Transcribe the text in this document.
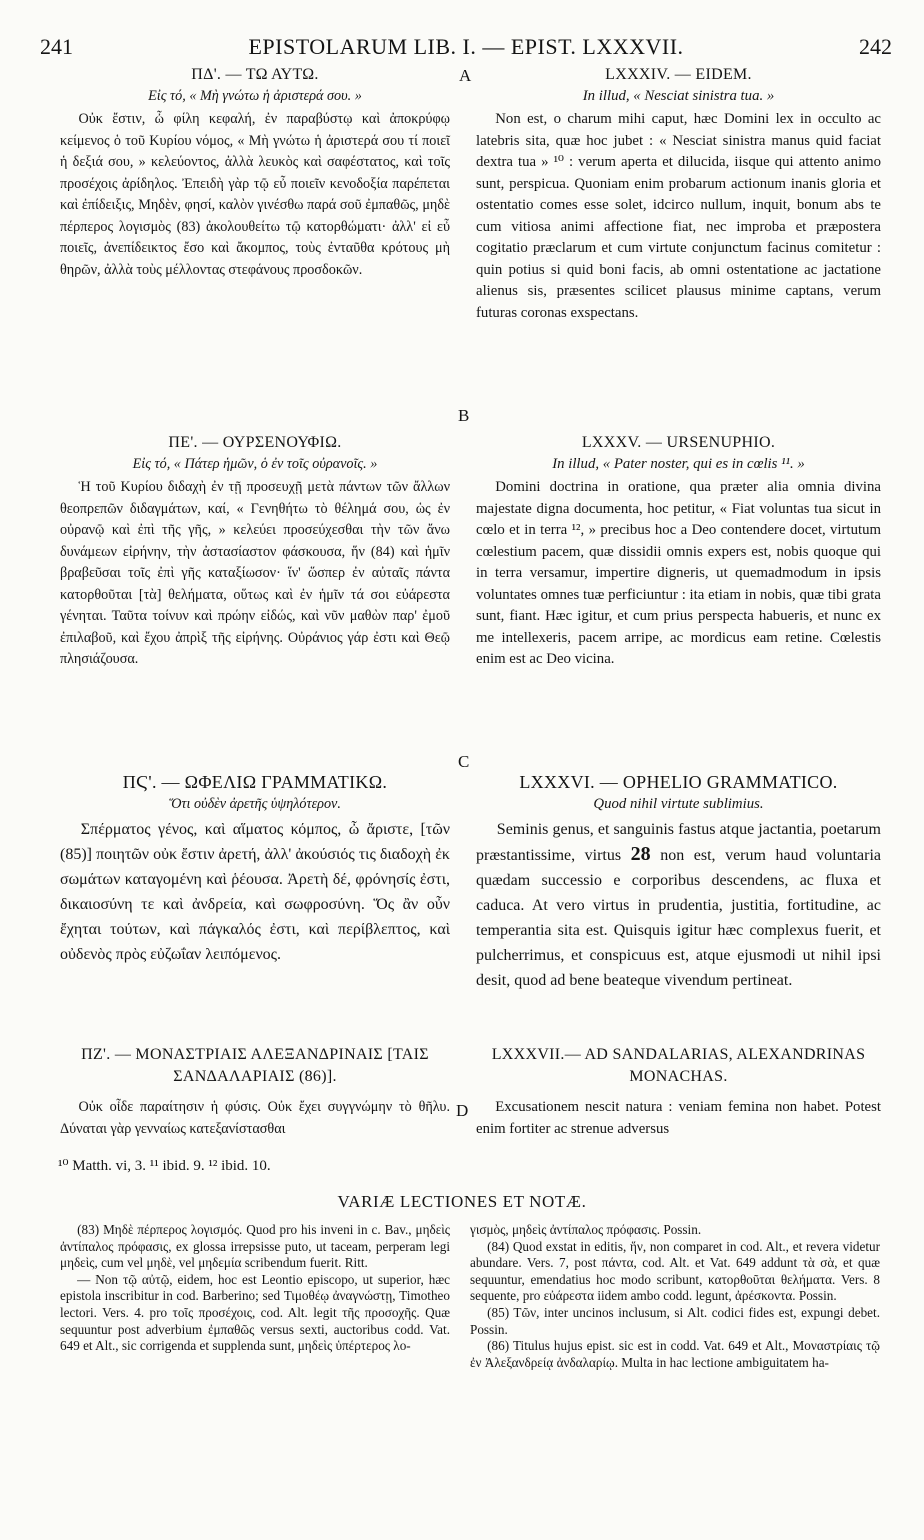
241	EPISTOLARUM LIB. I. — EPIST. LXXXVII.	242
A
B
C
D

ΠΔ'. — ΤΩ ΑΥΤΩ.

Εἰς τό, « Μὴ γνώτω ἡ ἀριστερά σου. »

Οὐκ ἔστιν, ὦ φίλη κεφαλή, ἐν παραβύστῳ καὶ ἀποκρύφῳ κείμενος ὁ τοῦ Κυρίου νόμος, « Μὴ γνώτω ἡ ἀριστερά σου τί ποιεῖ ἡ δεξιά σου, » κελεύοντος, ἀλλὰ λευκὸς καὶ σαφέστατος, καὶ τοῖς προσέχοις ἀρίδηλος. Ἐπειδὴ γὰρ τῷ εὖ ποιεῖν κενοδοξία παρέπεται καὶ ἐπίδειξις, Μηδὲν, φησί, καλὸν γινέσθω παρά σοῦ ἐμπαθῶς, μηδὲ πέρπερος λογισμὸς (83) ἀκολουθείτω τῷ κατορθώματι· ἀλλ' εἰ εὖ ποιεῖς, ἀνεπίδεικτος ἔσο καὶ ἄκομπος, τοὺς ἐνταῦθα κρότους μὴ θηρῶν, ἀλλὰ τοὺς μέλλοντας στεφάνους προσδοκῶν.

ΠΕ'. — ΟΥΡΣΕΝΟΥΦΙΩ.

Εἰς τό, « Πάτερ ἡμῶν, ὁ ἐν τοῖς οὐρανοῖς. »

Ἡ τοῦ Κυρίου διδαχὴ ἐν τῇ προσευχῇ μετὰ πάντων τῶν ἄλλων θεοπρεπῶν διδαγμάτων, καί, « Γενηθήτω τὸ θέλημά σου, ὡς ἐν οὐρανῷ καὶ ἐπὶ τῆς γῆς, » κελεύει προσεύχεσθαι τὴν τῶν ἄνω δυνάμεων εἰρήνην, τὴν ἀστασίαστον φάσκουσα, ἥν (84) καὶ ἡμῖν βραβεῦσαι τοῖς ἐπὶ γῆς καταξίωσον· ἵν' ὥσπερ ἐν αὐταῖς πάντα κατορθοῦται [τὰ] θελήματα, οὕτως καὶ ἐν ἡμῖν τά σοι εὐάρεστα γένηται. Ταῦτα τοίνυν καὶ πρώην εἰδώς, καὶ νῦν μαθὼν παρ' ἐμοῦ ἐπιλαβοῦ, καὶ ἔχου ἀπρὶξ τῆς εἰρήνης. Οὐράνιος γάρ ἐστι καὶ Θεῷ πλησιάζουσα.

ΠϚ'. — ΩΦΕΛΙΩ ΓΡΑΜΜΑΤΙΚΩ.

Ὅτι οὐδὲν ἀρετῆς ὑψηλότερον.

Σπέρματος γένος, καὶ αἵματος κόμπος, ὦ ἄριστε, [τῶν (85)] ποιητῶν οὐκ ἔστιν ἀρετή, ἀλλ' ἀκούσιός τις διαδοχὴ ἐκ σωμάτων καταγομένη καὶ ῥέουσα. Ἀρετὴ δέ, φρόνησίς ἐστι, δικαιοσύνη τε καὶ ἀνδρεία, καὶ σωφροσύνη. Ὅς ἂν οὖν ἔχηται τούτων, καὶ πάγκαλός ἐστι, καὶ περίβλεπτος, καὶ οὐδενὸς πρὸς εὐζωΐαν λειπόμενος.

ΠΖ'. — ΜΟΝΑΣΤΡΙΑΙΣ ΑΛΕΞΑΝΔΡΙΝΑΙΣ [ΤΑΙΣ ΣΑΝΔΑΛΑΡΙΑΙΣ (86)].

Οὐκ οἶδε παραίτησιν ἡ φύσις. Οὐκ ἔχει συγγνώμην τὸ θῆλυ. Δύναται γὰρ γενναίως κατεξανίστασθαι

LXXXIV. — EIDEM.

In illud, « Nesciat sinistra tua. »

Non est, o charum mihi caput, hæc Domini lex in occulto ac latebris sita, quæ hoc jubet : « Nesciat sinistra manus quid faciat dextra tua » ¹⁰ : verum aperta et dilucida, iisque qui attento animo sunt, perspicua. Quoniam enim probarum actionum inanis gloria et ostentatio comes esse solet, idcirco nullum, inquit, bonum abs te cum vitiosa animi affectione fiat, nec improba et præpostera cogitatio præclarum et cum virtute conjunctum facinus comitetur : quin potius si quid boni facis, ab omni ostentatione ac jactatione alienus sis, præsentes scilicet plausus minime captans, verum futuras coronas exspectans.

LXXXV. — URSENUPHIO.

In illud, « Pater noster, qui es in cœlis ¹¹. »

Domini doctrina in oratione, qua præter alia omnia divina majestate digna documenta, hoc petitur, « Fiat voluntas tua sicut in cœlo et in terra ¹², » precibus hoc a Deo contendere docet, virtutum cœlestium pacem, quæ dissidii omnis expers est, nobis quoque qui in terra versamur, impertire digneris, ut quemadmodum in ipsis voluntates omnes tuæ perficiuntur : ita etiam in nobis, quæ tibi grata sunt, fiant. Hæc igitur, et cum prius perspecta habueris, et nunc ex me intellexeris, pacem arripe, ac mordicus eam retine. Cœlestis enim est ac Deo vicina.

LXXXVI. — OPHELIO GRAMMATICO.

Quod nihil virtute sublimius.

Seminis genus, et sanguinis fastus atque jactantia, poetarum præstantissime, virtus 28 non est, verum haud voluntaria quædam successio e corporibus descendens, ac fluxa et caduca. At vero virtus in prudentia, justitia, fortitudine, ac temperantia sita est. Quisquis igitur hæc complexus fuerit, et pulcherrimus, et conspicuus est, atque ejusmodi ut nihil ipsi desit, quod ad bene beateque vivendum pertineat.

LXXXVII.— AD SANDALARIAS, ALEXANDRINAS MONACHAS.

Excusationem nescit natura : veniam femina non habet. Potest enim fortiter ac strenue adversus

¹⁰ Matth. vi, 3. ¹¹ ibid. 9. ¹² ibid. 10.
VARIÆ LECTIONES ET NOTÆ.

(83) Μηδὲ πέρπερος λογισμός. Quod pro his inveni in c. Bav., μηδεὶς ἀντίπαλος πρόφασις, ex glossa irrepsisse puto, ut taceam, perperam legi μηδεὶς, cum vel μηδὲ, vel μηδεμία scribendum fuerit. Ritt.

— Non τῷ αὐτῷ, eidem, hoc est Leontio episcopo, ut superior, hæc epistola inscribitur in cod. Barberino; sed Τιμοθέῳ ἀναγνώστῃ, Timotheo lectori. Vers. 4. pro τοῖς προσέχοις, cod. Alt. legit τῆς προσοχῆς. Quæ sequuntur post adverbium ἐμπαθῶς versus sexti, auctoribus codd. Vat. 649 et Alt., sic corrigenda et supplenda sunt, μηδεὶς ὑπέρτερος λο-

γισμὸς, μηδεὶς ἀντίπαλος πρόφασις. Possin.

(84) Quod exstat in editis, ἥν, non comparet in cod. Alt., et revera videtur abundare. Vers. 7, post πάντα, cod. Alt. et Vat. 649 addunt τὰ σὰ, et quæ sequuntur, emendatius hoc modo scribunt, κατορθοῦται θελήματα. Vers. 8 sequente, pro εὐάρεστα iidem ambo codd. legunt, ἀρέσκοντα. Possin.

(85) Τῶν, inter uncinos inclusum, si Alt. codici fides est, expungi debet. Possin.

(86) Titulus hujus epist. sic est in codd. Vat. 649 et Alt., Μοναστρίαις τῷ ἐν Ἀλεξανδρείᾳ ἀνδαλαρίῳ. Multa in hac lectione ambiguitatem ha-
